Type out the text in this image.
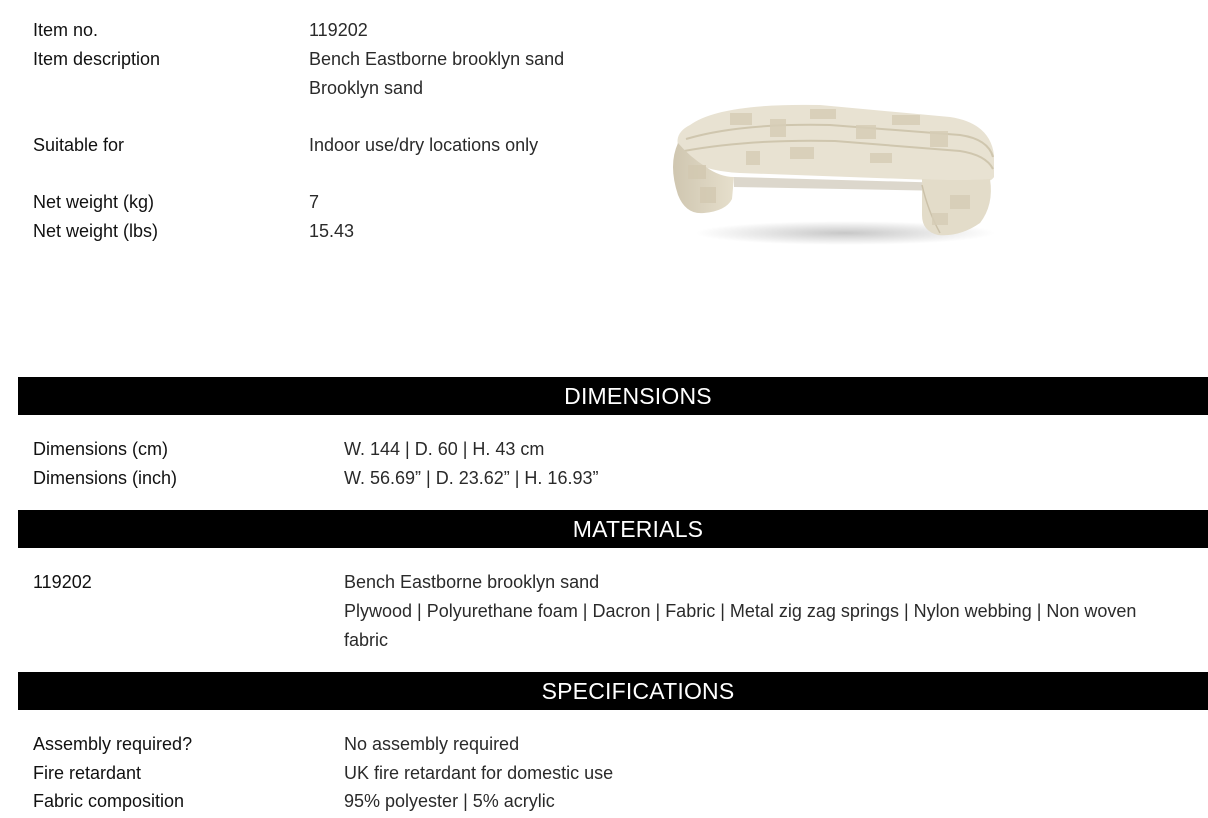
Item no.	119202
Item description	Bench Eastborne brooklyn sand
Brooklyn sand
Suitable for	Indoor use/dry locations only
Net weight (kg)	7
Net weight (lbs)	15.43
DIMENSIONS
Dimensions (cm)	W. 144 | D. 60 | H. 43 cm
Dimensions (inch)	W. 56.69” | D. 23.62” | H. 16.93”
MATERIALS
119202	Bench Eastborne brooklyn sand
Plywood | Polyurethane foam | Dacron | Fabric | Metal zig zag springs | Nylon webbing | Non woven
fabric
SPECIFICATIONS
Assembly required?	No assembly required
Fire retardant	UK fire retardant for domestic use
Fabric composition	95% polyester | 5% acrylic
